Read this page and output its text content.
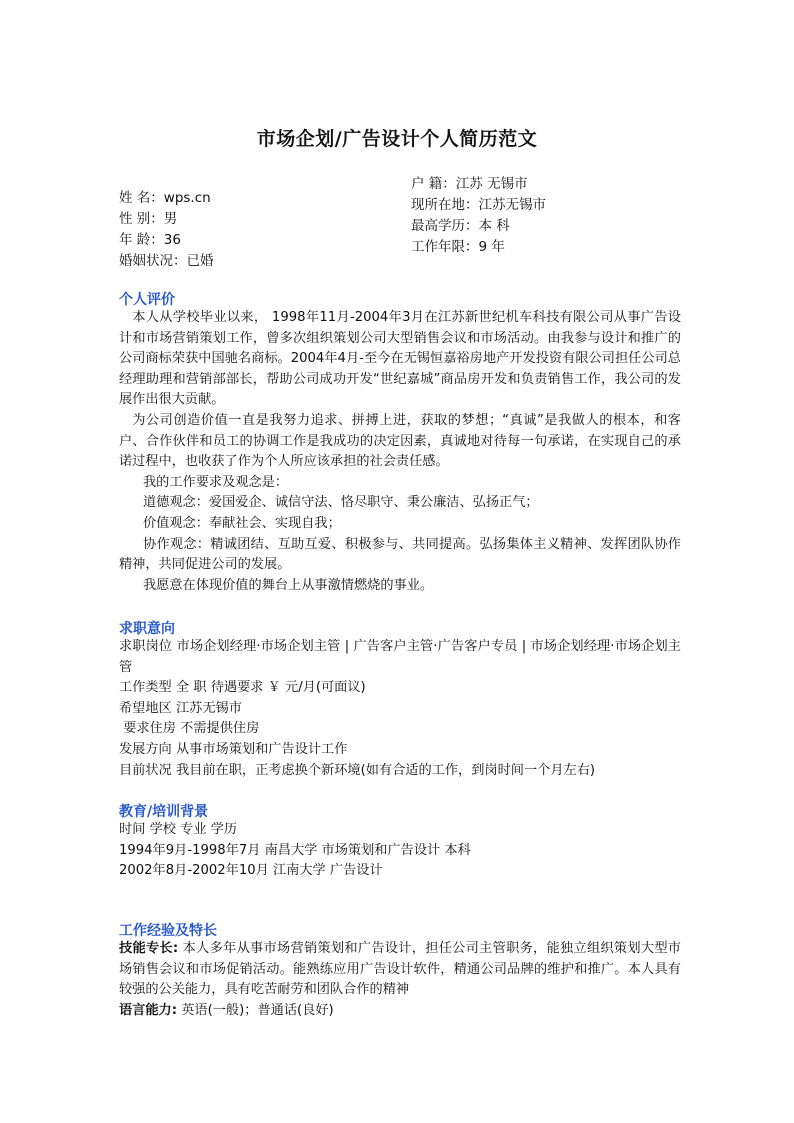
市场企划/广告设计个人简历范文
姓 名：wps.cn
性 别：男
年 龄：36
婚姻状况：已婚
户 籍：江苏 无锡市
现所在地：江苏无锡市
最高学历：本 科
工作年限：9 年
个人评价
本人从学校毕业以来， 1998年11月-2004年3月在江苏新世纪机车科技有限公司从事广告设计和市场营销策划工作，曾多次组织策划公司大型销售会议和市场活动。由我参与设计和推广的公司商标荣获中国驰名商标。2004年4月-至今在无锡恒嘉裕房地产开发投资有限公司担任公司总经理助理和营销部部长，帮助公司成功开发“世纪嘉城”商品房开发和负责销售工作，我公司的发展作出很大贡献。
为公司创造价值一直是我努力追求、拼搏上进，获取的梦想；“真诚”是我做人的根本，和客户、合作伙伴和员工的协调工作是我成功的决定因素，真诚地对待每一句承诺，在实现自己的承诺过程中，也收获了作为个人所应该承担的社会责任感。
我的工作要求及观念是：
道德观念：爱国爱企、诚信守法、恪尽职守、秉公廉洁、弘扬正气；
价值观念：奉献社会、实现自我；
协作观念：精诚团结、互助互爱、积极参与、共同提高。弘扬集体主义精神、发挥团队协作精神，共同促进公司的发展。
我愿意在体现价值的舞台上从事激情燃烧的事业。
求职意向
求职岗位 市场企划经理·市场企划主管 | 广告客户主管·广告客户专员 | 市场企划经理·市场企划主管
工作类型 全 职 待遇要求 ￥ 元/月(可面议)
希望地区 江苏无锡市
要求住房 不需提供住房
发展方向 从事市场策划和广告设计工作
目前状况 我目前在职，正考虑换个新环境(如有合适的工作，到岗时间一个月左右)
教育/培训背景
时间 学校 专业 学历
1994年9月-1998年7月 南昌大学 市场策划和广告设计 本科
2002年8月-2002年10月 江南大学 广告设计
工作经验及特长
技能专长: 本人多年从事市场营销策划和广告设计，担任公司主管职务，能独立组织策划大型市场销售会议和市场促销活动。能熟练应用广告设计软件，精通公司品牌的维护和推广。本人具有较强的公关能力，具有吃苦耐劳和团队合作的精神
语言能力: 英语(一般)；普通话(良好)
